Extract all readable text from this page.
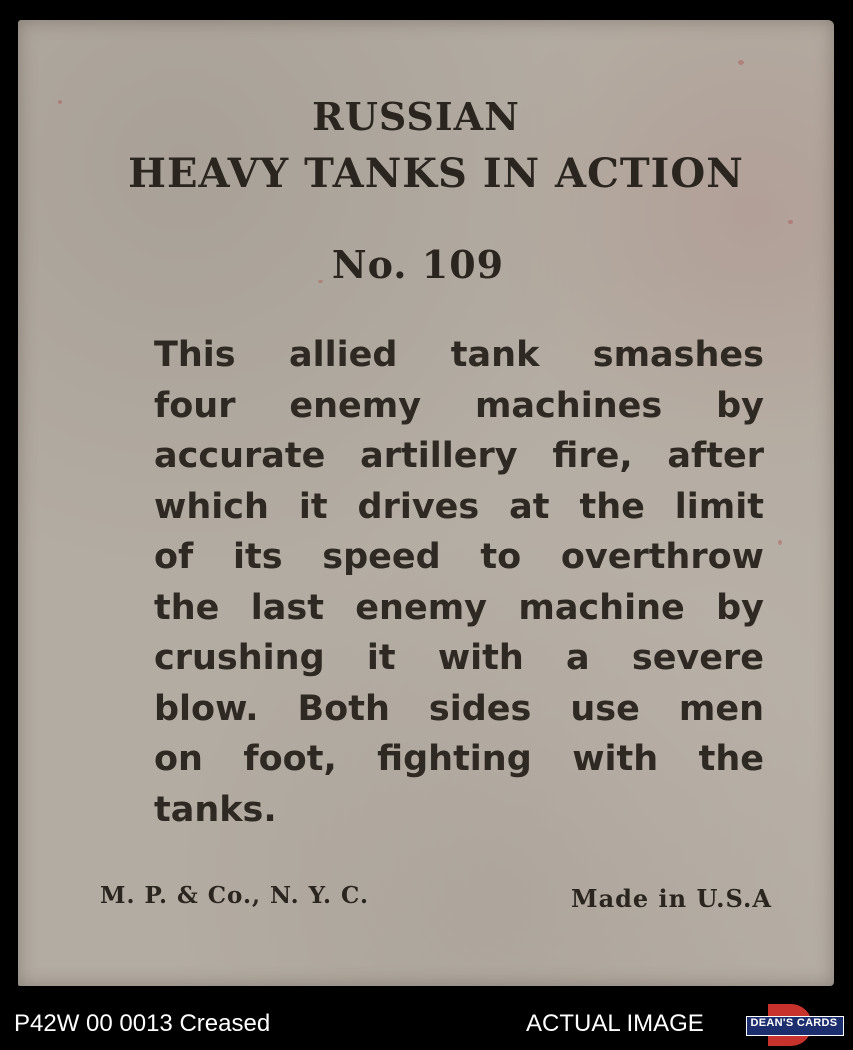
RUSSIAN
HEAVY TANKS IN ACTION
No. 109
This allied tank smashes
four enemy machines by
accurate artillery fire, after
which it drives at the limit
of its speed to overthrow
the last enemy machine by
crushing it with a severe
blow. Both sides use men
on foot, fighting with the
tanks.
M. P. & Co., N. Y. C.	Made in U.S.A
P42W 00 0013 Creased	ACTUAL IMAGE	DEAN'S CARDS
